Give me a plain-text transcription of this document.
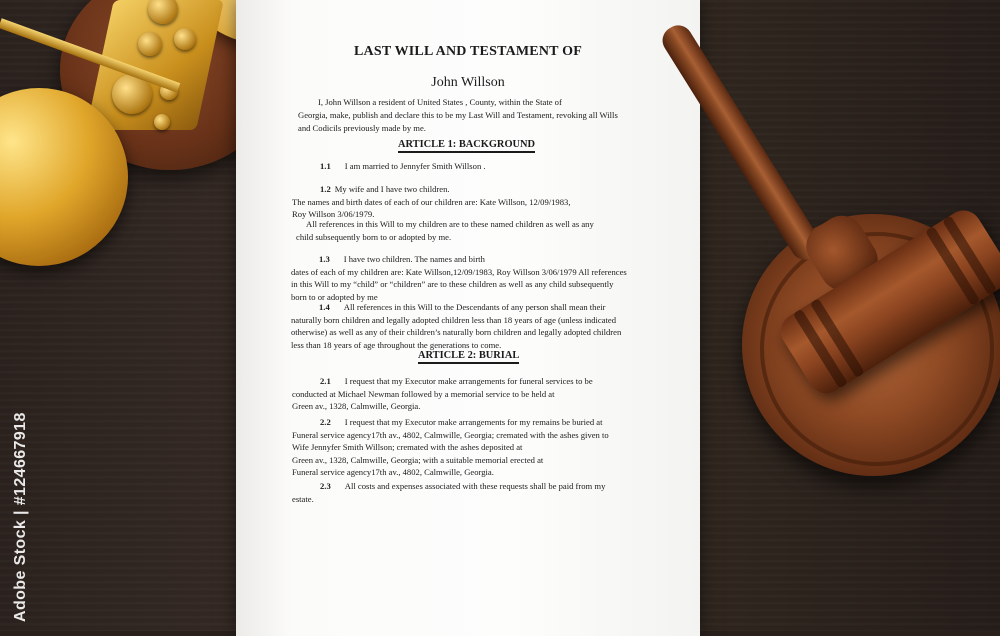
LAST WILL AND TESTAMENT OF
John Willson
I, John Willson a resident of United States , County, within the State of
Georgia, make, publish and declare this to be my Last Will and Testament, revoking all Wills
and Codicils previously made by me.
ARTICLE 1: BACKGROUND
1.1 I am married to Jennyfer Smith Willson .
1.2 My wife and I have two children.
The names and birth dates of each of our children are: Kate Willson, 12/09/1983,
Roy Willson 3/06/1979.
All references in this Will to my children are to these named children as well as any
child subsequently born to or adopted by me.
1.3 I have two children. The names and birth
dates of each of my children are: Kate Willson,12/09/1983, Roy Willson 3/06/1979 All references
in this Will to my “child” or “children” are to these children as well as any child subsequently
born to or adopted by me
1.4 All references in this Will to the Descendants of any person shall mean their
naturally born children and legally adopted children less than 18 years of age (unless indicated
otherwise) as well as any of their children’s naturally born children and legally adopted children
less than 18 years of age throughout the generations to come.
ARTICLE 2: BURIAL
2.1 I request that my Executor make arrangements for funeral services to be
conducted at Michael Newman followed by a memorial service to be held at
Green av., 1328, Calmwille, Georgia.
2.2 I request that my Executor make arrangements for my remains be buried at
Funeral service agency17th av., 4802, Calmwille, Georgia; cremated with the ashes given to
Wife Jennyfer Smith Willson; cremated with the ashes deposited at
Green av., 1328, Calmwille, Georgia; with a suitable memorial erected at
Funeral service agency17th av., 4802, Calmwille, Georgia.
2.3 All costs and expenses associated with these requests shall be paid from my
estate.
Adobe Stock | #124667918
